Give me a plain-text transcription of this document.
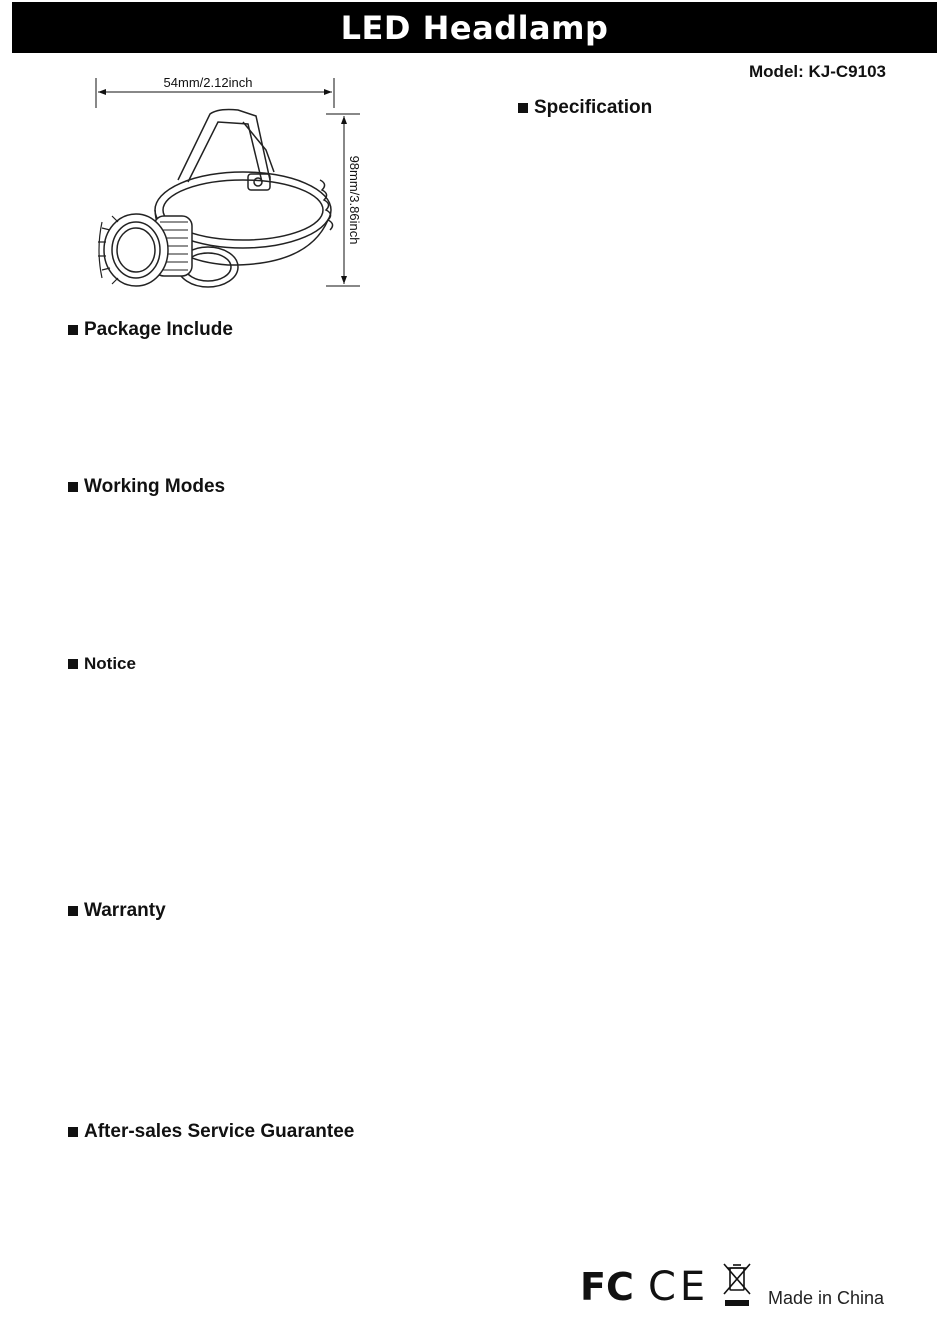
LED Headlamp
Model: KJ-C9103
54mm/2.12inch
98mm/3.86inch
Specification
Package Include
Working Modes
Notice
Warranty
After-sales Service Guarantee
FC CE	Made in China
